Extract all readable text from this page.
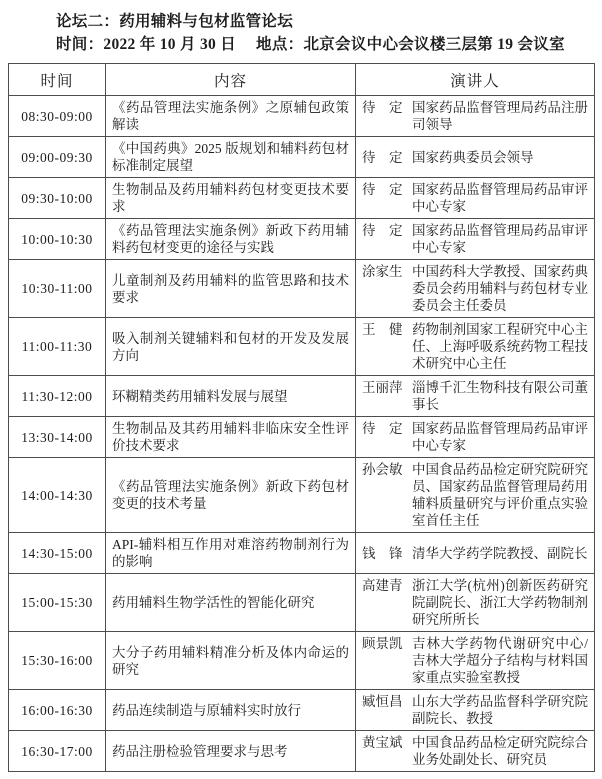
论坛二：药用辅料与包材监管论坛
时间：2022 年 10 月 30 日　 地点：北京会议中心会议楼三层第 19 会议室
时间	内容	演讲人
08:30-09:00	《药品管理法实施条例》之原辅包政策解读	待　定 国家药品监督管理局药品注册司领导

09:00-09:30	《中国药典》2025 版规划和辅料药包材标准制定展望	待　定 国家药典委员会领导

09:30-10:00	生物制品及药用辅料药包材变更技术要求	待　定 国家药品监督管理局药品审评中心专家

10:00-10:30	《药品管理法实施条例》新政下药用辅料药包材变更的途径与实践	待　定 国家药品监督管理局药品审评中心专家

10:30-11:00	儿童制剂及药用辅料的监管思路和技术要求	涂家生 中国药科大学教授、国家药典委员会药用辅料与药包材专业委员会主任委员

11:00-11:30	吸入制剂关键辅料和包材的开发及发展方向	王　健 药物制剂国家工程研究中心主任、上海呼吸系统药物工程技术研究中心主任

11:30-12:00	环糊精类药用辅料发展与展望	王丽萍 淄博千汇生物科技有限公司董事长

13:30-14:00	生物制品及其药用辅料非临床安全性评价技术要求	待　定 国家药品监督管理局药品审评中心专家

14:00-14:30	《药品管理法实施条例》新政下药包材变更的技术考量	孙会敏 中国食品药品检定研究院研究员、国家药品监督管理局药用辅料质量研究与评价重点实验室首任主任

14:30-15:00	API-辅料相互作用对难溶药物制剂行为的影响	钱　锋 清华大学药学院教授、副院长

15:00-15:30	药用辅料生物学活性的智能化研究	高建青 浙江大学(杭州)创新医药研究院副院长、浙江大学药物制剂研究所所长

15:30-16:00	大分子药用辅料精准分析及体内命运的研究	顾景凯 吉林大学药物代谢研究中心/吉林大学超分子结构与材料国家重点实验室教授

16:00-16:30	药品连续制造与原辅料实时放行	臧恒昌 山东大学药品监督科学研究院副院长、教授

16:30-17:00	药品注册检验管理要求与思考	黄宝斌 中国食品药品检定研究院综合业务处副处长、研究员
